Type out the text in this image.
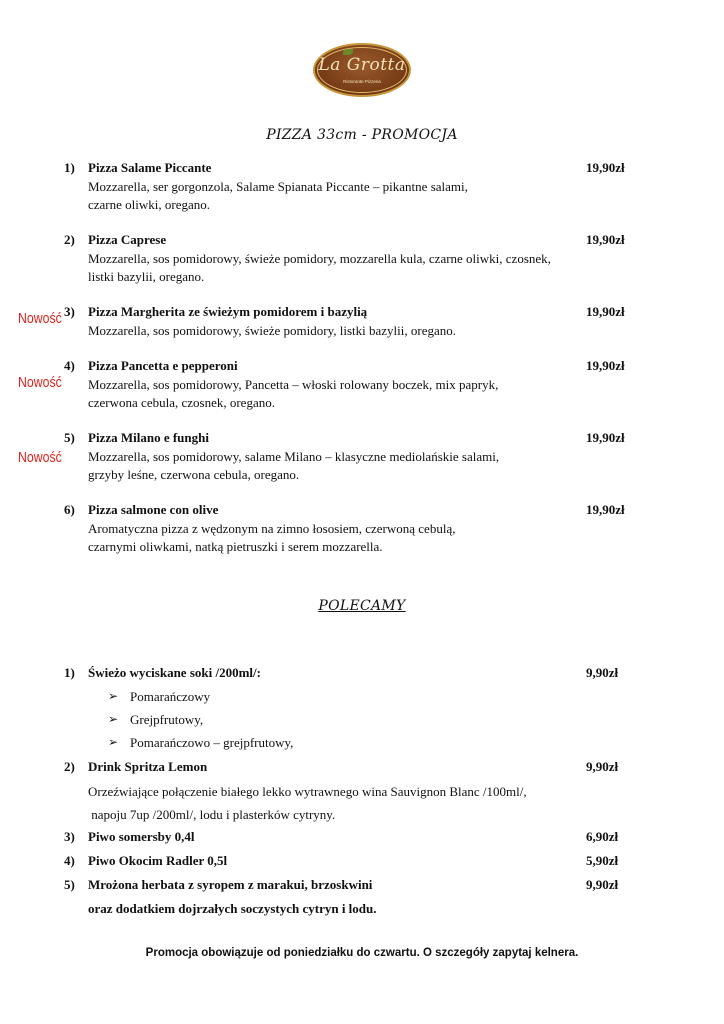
La Grotta
Ristorante Pizzeria
PIZZA 33cm - PROMOCJA
1) Pizza Salame Piccante	19,90zł
Mozzarella, ser gorgonzola, Salame Spianata Piccante – pikantne salami,
czarne oliwki, oregano.
2) Pizza Caprese	19,90zł
Mozzarella, sos pomidorowy, świeże pomidory, mozzarella kula, czarne oliwki, czosnek,
listki bazylii, oregano.
Nowość 3) Pizza Margherita ze świeżym pomidorem i bazylią	19,90zł
Mozzarella, sos pomidorowy, świeże pomidory, listki bazylii, oregano.
Nowość
4) Pizza Pancetta e pepperoni	19,90zł
Mozzarella, sos pomidorowy, Pancetta – włoski rolowany boczek, mix papryk,
czerwona cebula, czosnek, oregano.
Nowość
5) Pizza Milano e funghi	19,90zł
Mozzarella, sos pomidorowy, salame Milano – klasyczne mediolańskie salami,
grzyby leśne, czerwona cebula, oregano.
6) Pizza salmone con olive	19,90zł
Aromatyczna pizza z wędzonym na zimno łososiem, czerwoną cebulą,
czarnymi oliwkami, natką pietruszki i serem mozzarella.
POLECAMY
1) Świeżo wyciskane soki /200ml/:	9,90zł
➢ Pomarańczowy
➢ Grejpfrutowy,
➢ Pomarańczowo – grejpfrutowy,
2) Drink Spritza Lemon	9,90zł
Orzeźwiające połączenie białego lekko wytrawnego wina Sauvignon Blanc /100ml/,
napoju 7up /200ml/, lodu i plasterków cytryny.
3) Piwo somersby 0,4l	6,90zł
4) Piwo Okocim Radler 0,5l	5,90zł
5) Mrożona herbata z syropem z marakui, brzoskwini	9,90zł
oraz dodatkiem dojrzałych soczystych cytryn i lodu.
Promocja obowiązuje od poniedziałku do czwartu. O szczegóły zapytaj kelnera.
